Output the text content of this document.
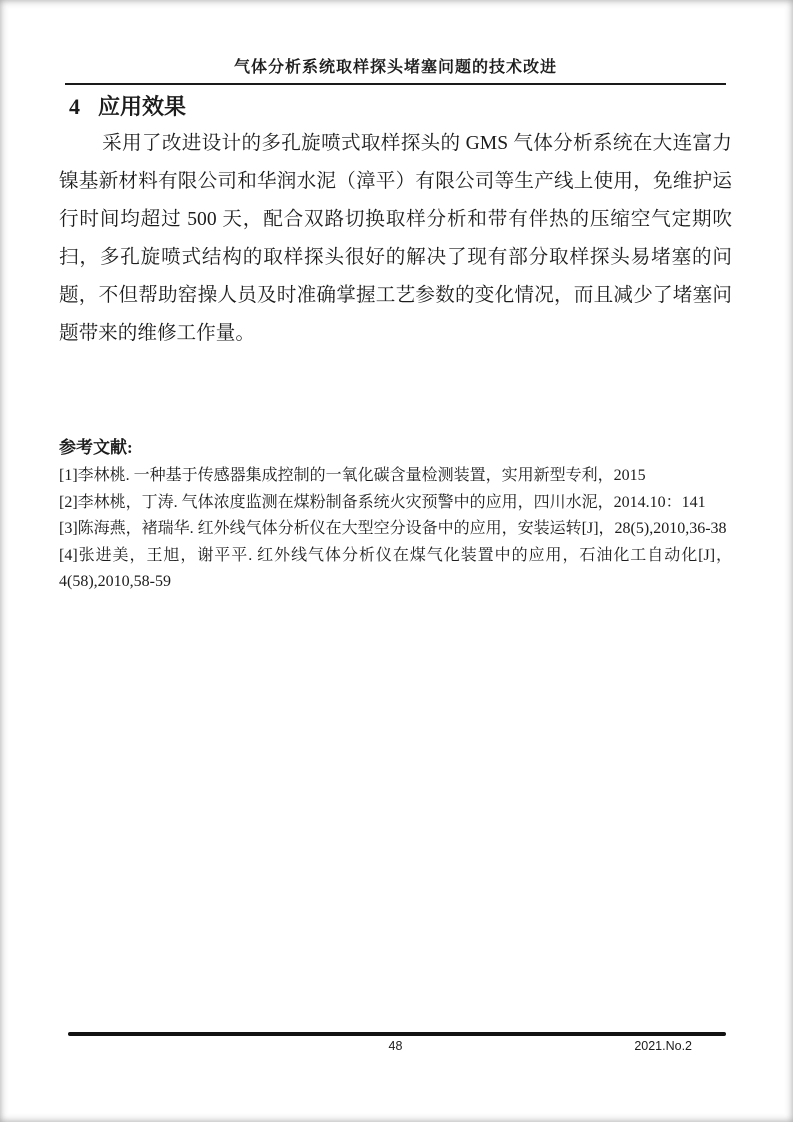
气体分析系统取样探头堵塞问题的技术改进
4 应用效果

采用了改进设计的多孔旋喷式取样探头的 GMS 气体分析系统在大连富力镍基新材料有限公司和华润水泥（漳平）有限公司等生产线上使用，免维护运行时间均超过 500 天，配合双路切换取样分析和带有伴热的压缩空气定期吹扫，多孔旋喷式结构的取样探头很好的解决了现有部分取样探头易堵塞的问题，不但帮助窑操人员及时准确掌握工艺参数的变化情况，而且减少了堵塞问题带来的维修工作量。

参考文献:
[1]李林桃. 一种基于传感器集成控制的一氧化碳含量检测装置，实用新型专利，2015
[2]李林桃，丁涛. 气体浓度监测在煤粉制备系统火灾预警中的应用，四川水泥，2014.10：141
[3]陈海燕，褚瑞华. 红外线气体分析仪在大型空分设备中的应用，安装运转[J]，28(5),2010,36-38
[4]张进美，王旭，谢平平. 红外线气体分析仪在煤气化装置中的应用，石油化工自动化[J]，4(58),2010,58-59
48	2021.No.2
